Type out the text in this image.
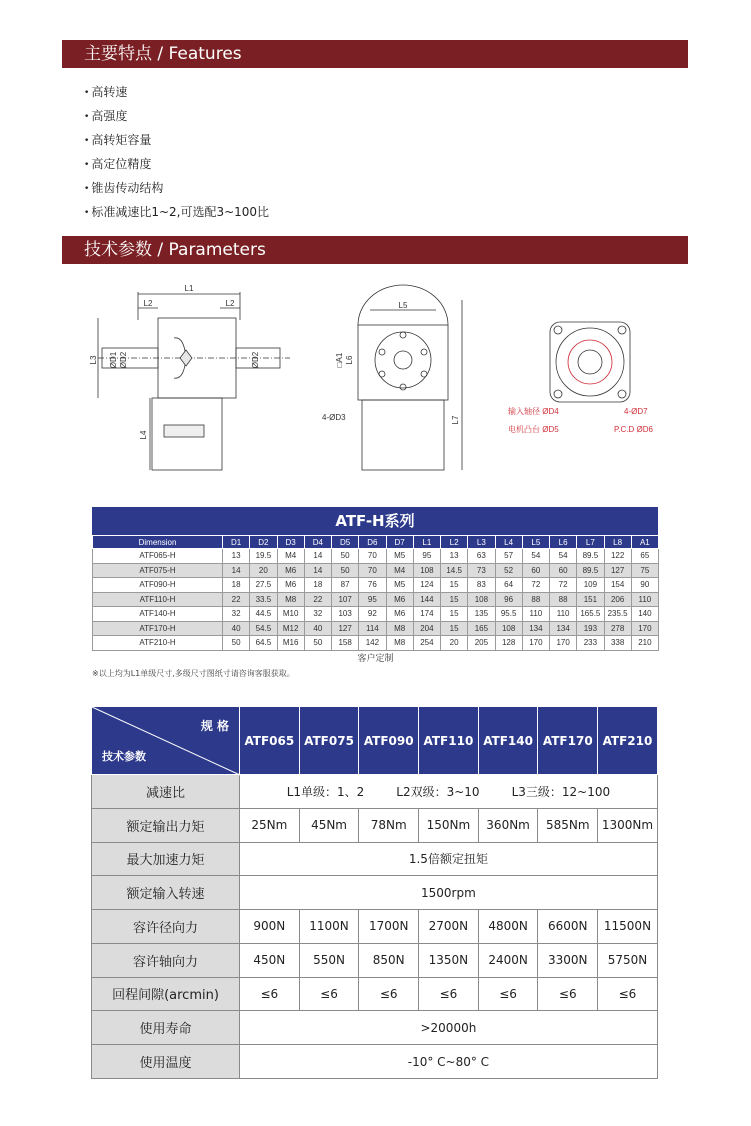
主要特点 / Features
• 高转速
• 高强度
• 高转矩容量
• 高定位精度
• 锥齿传动结构
• 标准减速比1~2,可选配3~100比
技术参数 / Parameters
L1
L2	L2
L3 ØD1 ØD2	ØD2
L4
L5
□A1 L6
4-ØD3	L7
输入轴径 ØD4
电机凸台 ØD5
4-ØD7
P.C.D ØD6
ATF-H系列
Dimension	D1	D2	D3	D4	D5	D6	D7	L1	L2	L3	L4	L5	L6	L7	L8	A1
ATF065-H	13	19.5	M4	14	50	70	M5	95	13	63	57	54	54	89.5	122	65
ATF075-H	14	20	M6	14	50	70	M4	108	14.5	73	52	60	60	89.5	127	75
ATF090-H	18	27.5	M6	18	87	76	M5	124	15	83	64	72	72	109	154	90
ATF110-H	22	33.5	M8	22	107	95	M6	144	15	108	96	88	88	151	206	110
ATF140-H	32	44.5	M10	32	103	92	M6	174	15	135	95.5	110	110	165.5	235.5	140
ATF170-H	40	54.5	M12	40	127	114	M8	204	15	165	108	134	134	193	278	170
ATF210-H	50	64.5	M16	50	158	142	M8	254	20	205	128	170	170	233	338	210
客户定制																
※以上均为L1单级尺寸,多级尺寸图纸寸请咨询客服获取。
规 格
技术参数	ATF065	ATF075	ATF090	ATF110	ATF140	ATF170	ATF210
减速比	L1单级：1、2 L2双级：3~10 L3三级：12~100						
额定输出力矩	25Nm	45Nm	78Nm	150Nm	360Nm	585Nm	1300Nm
最大加速力矩	1.5倍额定扭矩						
额定输入转速	1500rpm						
容许径向力	900N	1100N	1700N	2700N	4800N	6600N	11500N
容许轴向力	450N	550N	850N	1350N	2400N	3300N	5750N
回程间隙(arcmin)	≤6	≤6	≤6	≤6	≤6	≤6	≤6
使用寿命	>20000h						
使用温度	-10° C~80° C						
